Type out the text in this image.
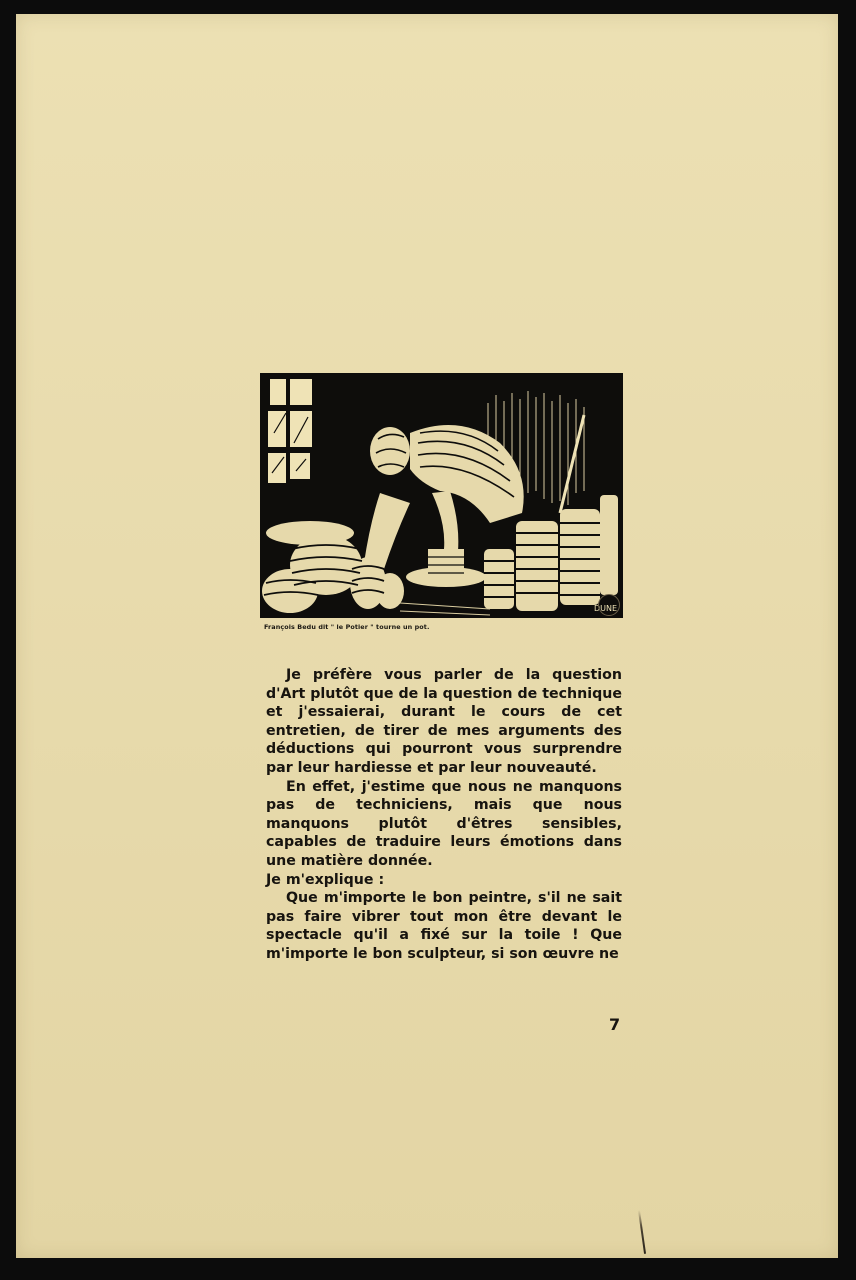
DUNE
François Bedu dit " le Potier " tourne un pot.

Je préfère vous parler de la question d'Art plutôt que de la question de technique et j'essaierai, durant le cours de cet entretien, de tirer de mes arguments des déductions qui pourront vous surprendre par leur hardiesse et par leur nouveauté.

En effet, j'estime que nous ne manquons pas de techniciens, mais que nous manquons plutôt d'êtres sensibles, capables de traduire leurs émotions dans une matière donnée.

Je m'explique :

Que m'importe le bon peintre, s'il ne sait pas faire vibrer tout mon être devant le spectacle qu'il a fixé sur la toile ! Que m'importe le bon sculpteur, si son œuvre ne

7
